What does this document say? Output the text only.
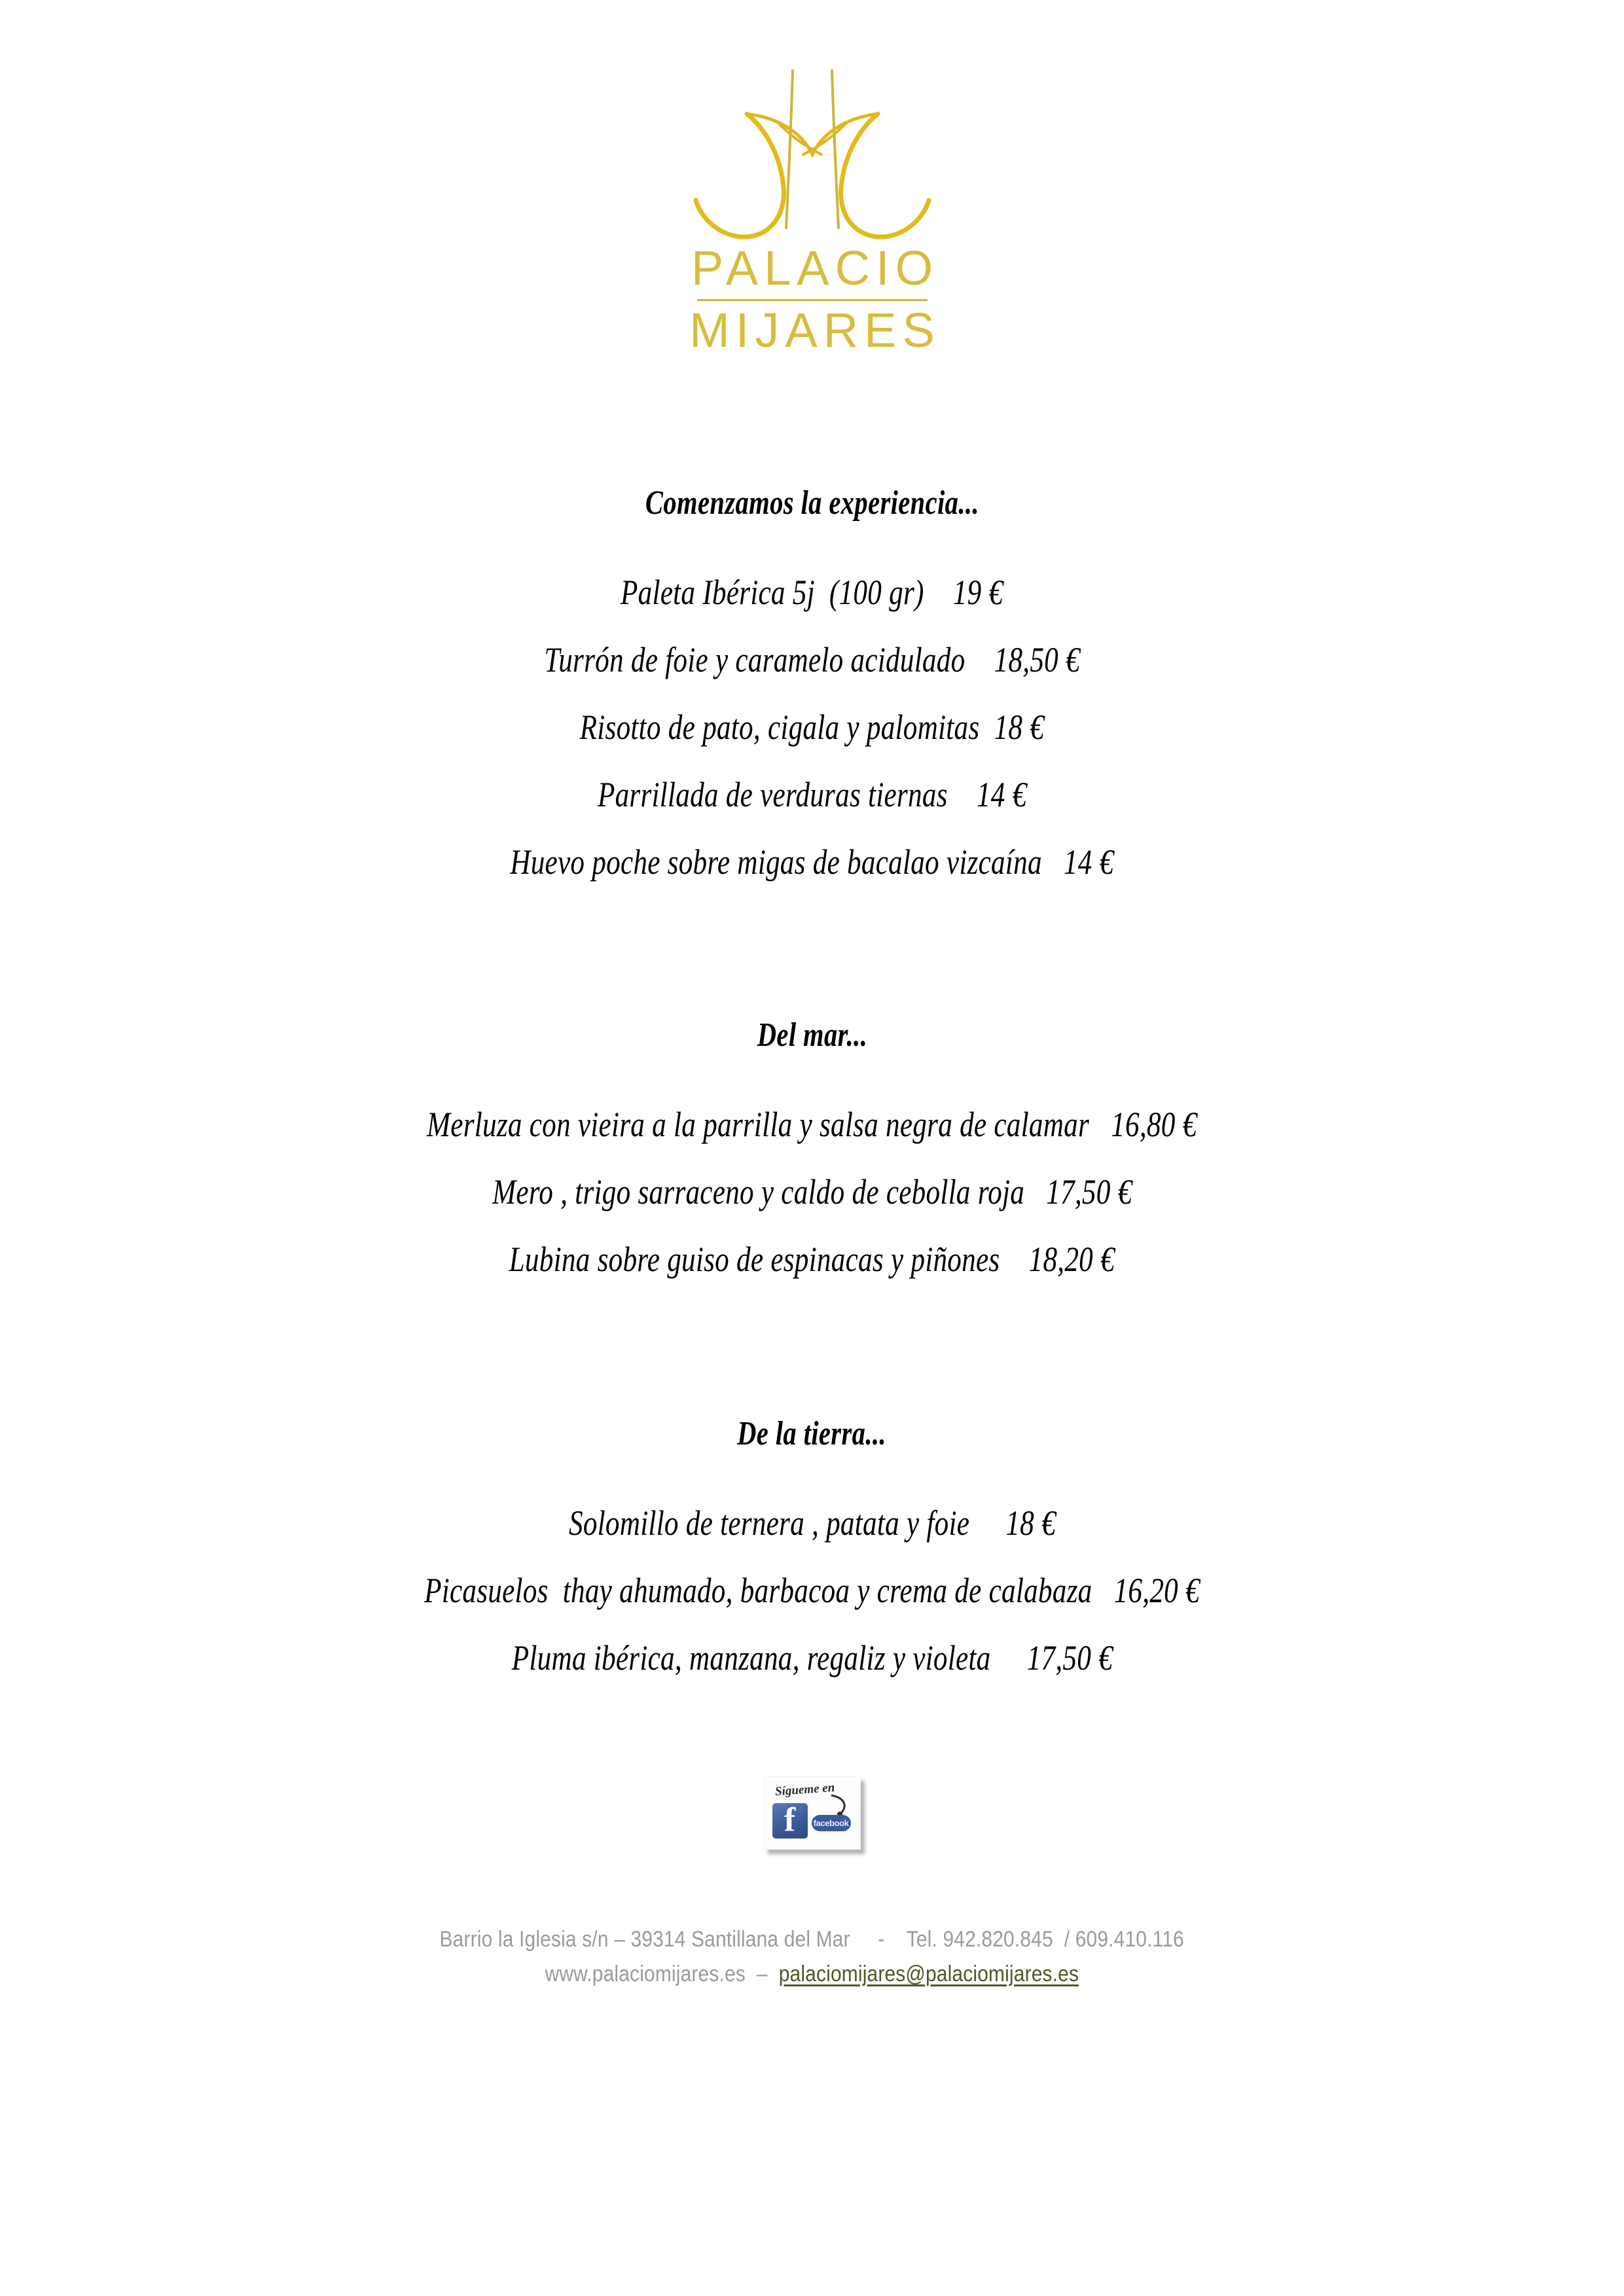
PALACIO
MIJARES
Comenzamos la experiencia...
Paleta Ibérica 5j  (100 gr)    19 €
Turrón de foie y caramelo acidulado    18,50 €
Risotto de pato, cigala y palomitas  18 €
Parrillada de verduras tiernas    14 €
Huevo poche sobre migas de bacalao vizcaína   14 €
Del mar...
Merluza con vieira a la parrilla y salsa negra de calamar   16,80 €
Mero , trigo sarraceno y caldo de cebolla roja   17,50 €
Lubina sobre guiso de espinacas y piñones    18,20 €
De la tierra...
Solomillo de ternera , patata y foie     18 €
Picasuelos  thay ahumado, barbacoa y crema de calabaza   16,20 €
Pluma ibérica, manzana, regaliz y violeta     17,50 €
Sígueme en
f	facebook
Barrio la Iglesia s/n – 39314 Santillana del Mar     -    Tel. 942.820.845  / 609.410.116
www.palaciomijares.es  –  palaciomijares@palaciomijares.es
